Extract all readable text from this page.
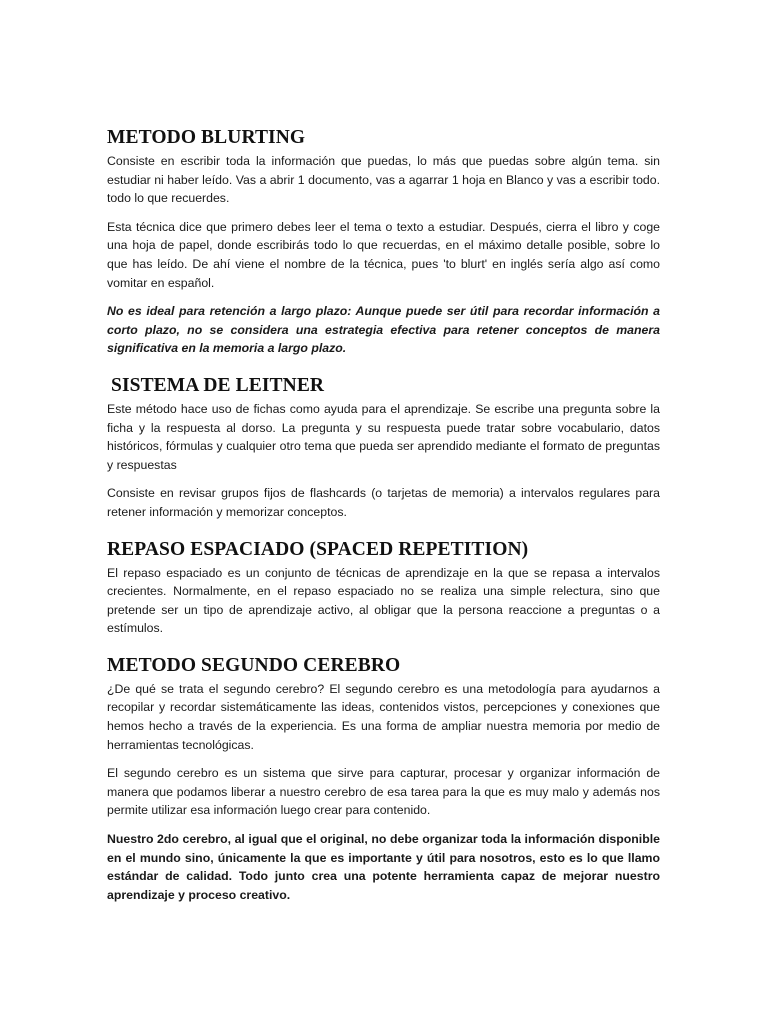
METODO BLURTING

Consiste en escribir toda la información que puedas, lo más que puedas sobre algún tema. sin estudiar ni haber leído. Vas a abrir 1 documento, vas a agarrar 1 hoja en Blanco y vas a escribir todo. todo lo que recuerdes.

Esta técnica dice que primero debes leer el tema o texto a estudiar. Después, cierra el libro y coge una hoja de papel, donde escribirás todo lo que recuerdas, en el máximo detalle posible, sobre lo que has leído. De ahí viene el nombre de la técnica, pues 'to blurt' en inglés sería algo así como vomitar en español.

No es ideal para retención a largo plazo: Aunque puede ser útil para recordar información a corto plazo, no se considera una estrategia efectiva para retener conceptos de manera significativa en la memoria a largo plazo.

SISTEMA DE LEITNER

Este método hace uso de fichas como ayuda para el aprendizaje. Se escribe una pregunta sobre la ficha y la respuesta al dorso. La pregunta y su respuesta puede tratar sobre vocabulario, datos históricos, fórmulas y cualquier otro tema que pueda ser aprendido mediante el formato de preguntas y respuestas

Consiste en revisar grupos fijos de flashcards (o tarjetas de memoria) a intervalos regulares para retener información y memorizar conceptos.

REPASO ESPACIADO (SPACED REPETITION)

El repaso espaciado es un conjunto de técnicas de aprendizaje en la que se repasa a intervalos crecientes. Normalmente, en el repaso espaciado no se realiza una simple relectura, sino que pretende ser un tipo de aprendizaje activo, al obligar que la persona reaccione a preguntas o a estímulos.

METODO SEGUNDO CEREBRO

¿De qué se trata el segundo cerebro? El segundo cerebro es una metodología para ayudarnos a recopilar y recordar sistemáticamente las ideas, contenidos vistos, percepciones y conexiones que hemos hecho a través de la experiencia. Es una forma de ampliar nuestra memoria por medio de herramientas tecnológicas.

El segundo cerebro es un sistema que sirve para capturar, procesar y organizar información de manera que podamos liberar a nuestro cerebro de esa tarea para la que es muy malo y además nos permite utilizar esa información luego crear para contenido.

Nuestro 2do cerebro, al igual que el original, no debe organizar toda la información disponible en el mundo sino, únicamente la que es importante y útil para nosotros, esto es lo que llamo estándar de calidad. Todo junto crea una potente herramienta capaz de mejorar nuestro aprendizaje y proceso creativo.
